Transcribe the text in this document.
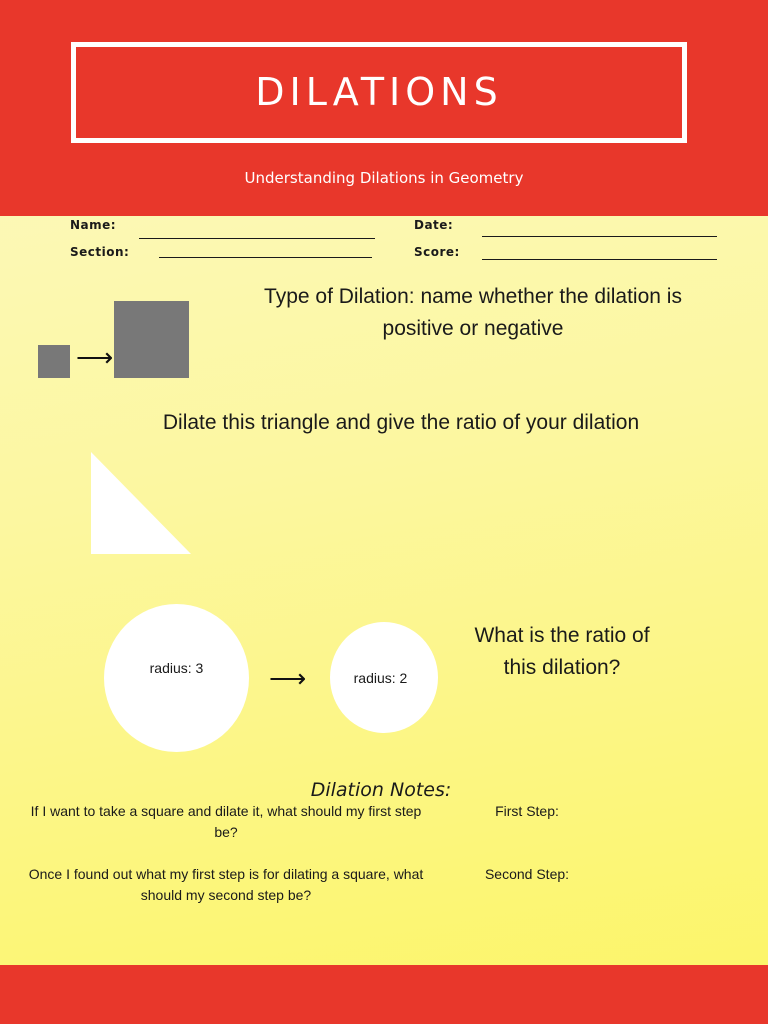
DILATIONS
Understanding Dilations in Geometry
Name:	Date:
Section:	Score:
⟶
Type of Dilation: name whether the dilation is positive or negative
Dilate this triangle and give the ratio of your dilation
radius: 3	⟶	radius: 2
What is the ratio of this dilation?
Dilation Notes:
If I want to take a square and dilate it, what should my first step be?
First Step:
Once I found out what my first step is for dilating a square, what should my second step be?
Second Step:
